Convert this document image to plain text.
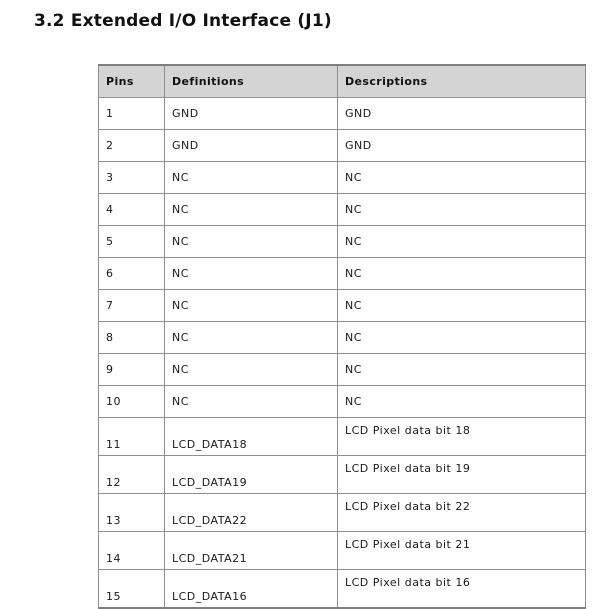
3.2 Extended I/O Interface (J1)
Pins	Definitions	Descriptions
1	GND	GND
2	GND	GND
3	NC	NC
4	NC	NC
5	NC	NC
6	NC	NC
7	NC	NC
8	NC	NC
9	NC	NC
10	NC	NC
11	LCD_DATA18	LCD Pixel data bit 18
12	LCD_DATA19	LCD Pixel data bit 19
13	LCD_DATA22	LCD Pixel data bit 22
14	LCD_DATA21	LCD Pixel data bit 21
15	LCD_DATA16	LCD Pixel data bit 16
